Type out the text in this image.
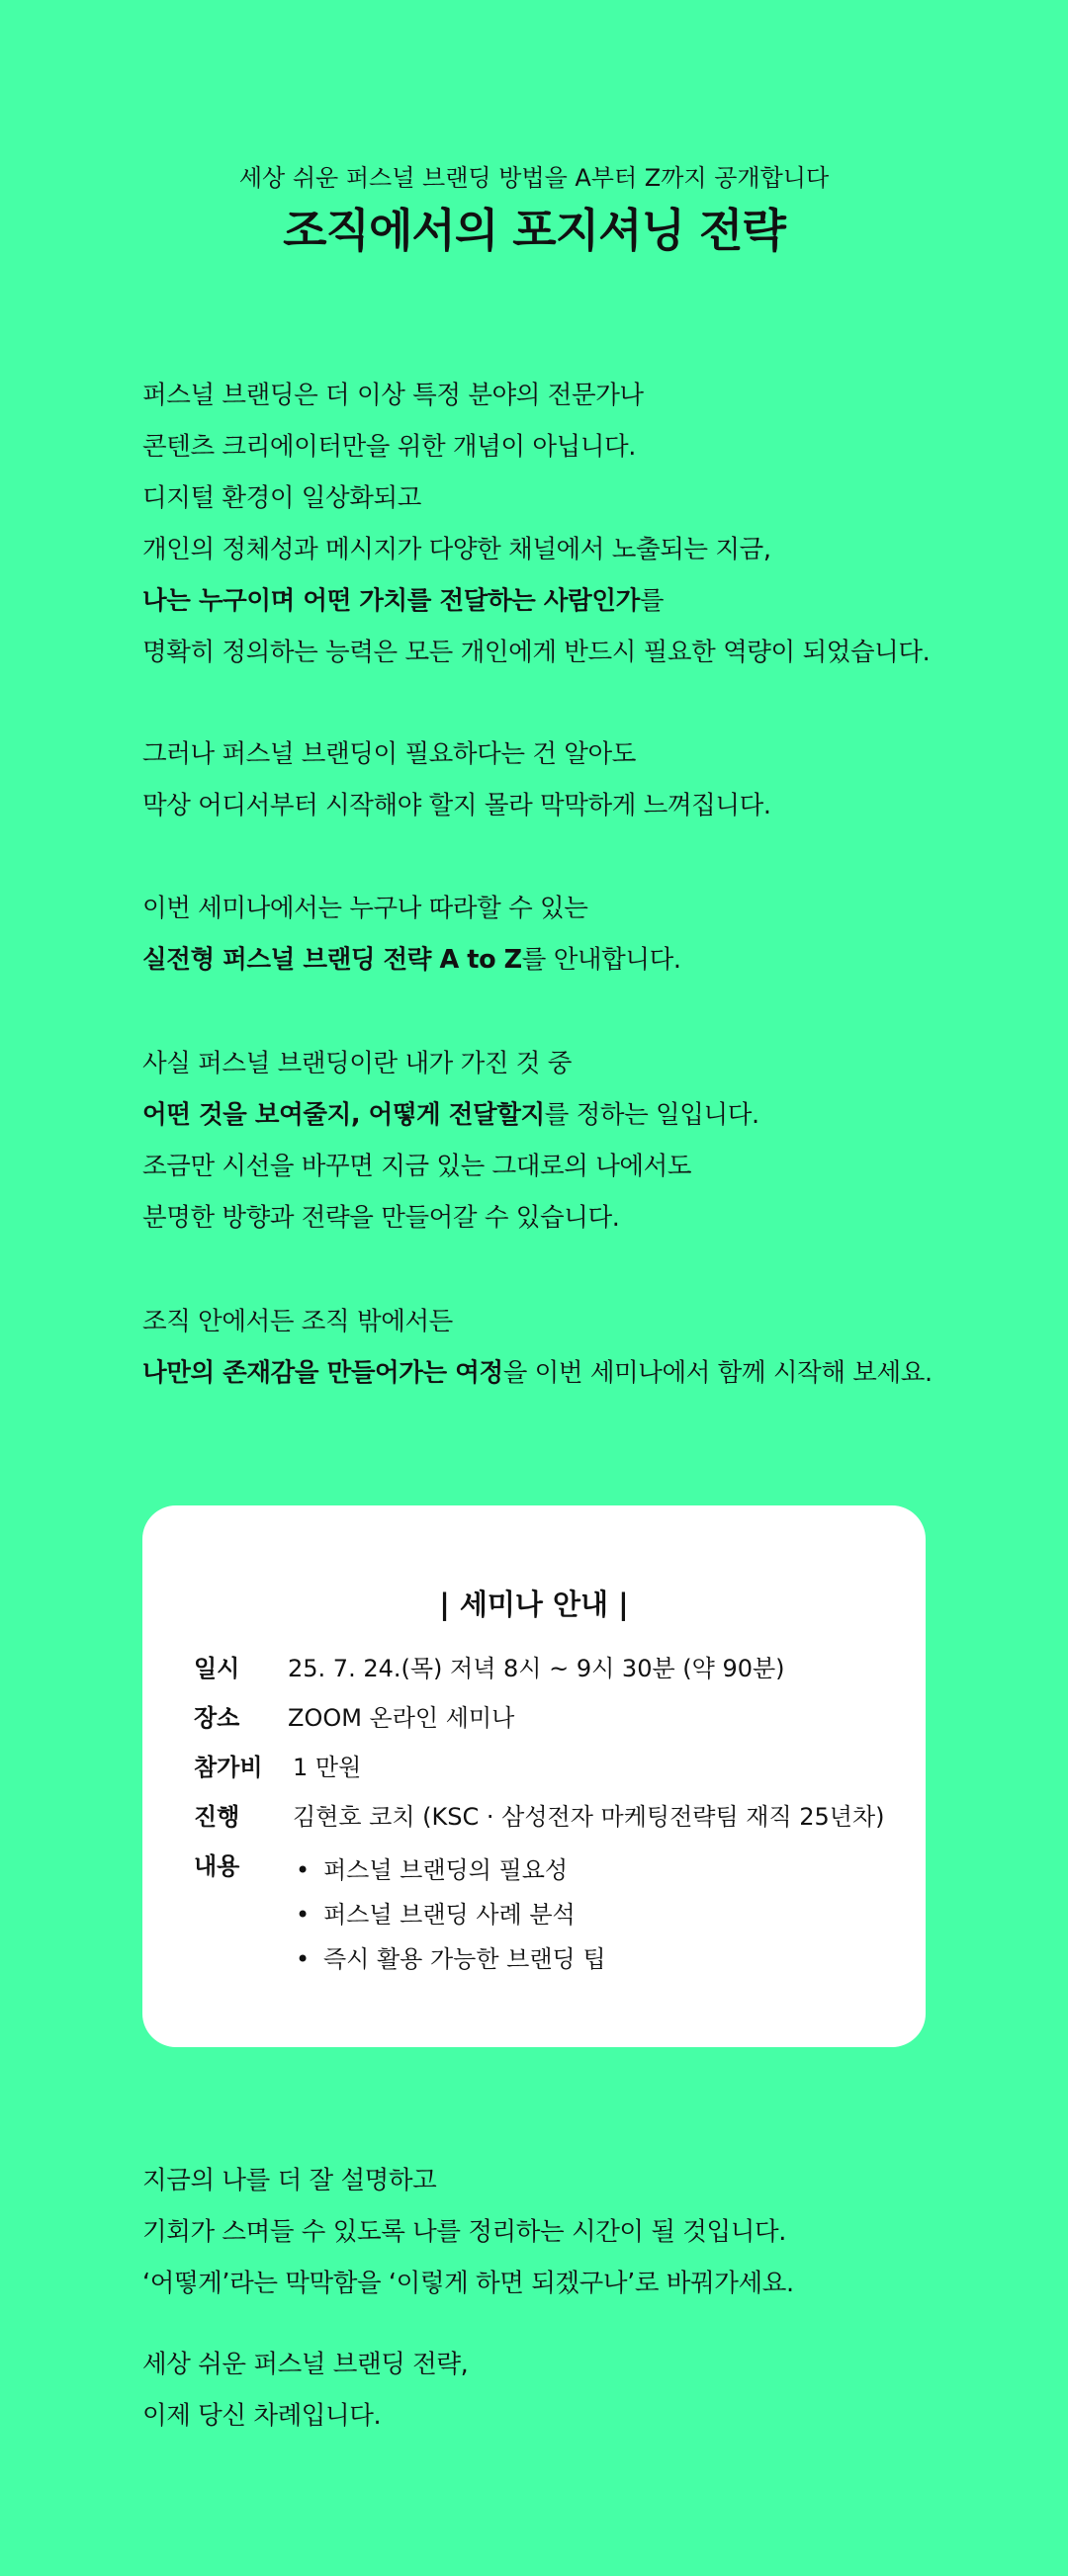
세상 쉬운 퍼스널 브랜딩 방법을 A부터 Z까지 공개합니다
조직에서의 포지셔닝 전략

퍼스널 브랜딩은 더 이상 특정 분야의 전문가나

콘텐츠 크리에이터만을 위한 개념이 아닙니다.

디지털 환경이 일상화되고

개인의 정체성과 메시지가 다양한 채널에서 노출되는 지금,

나는 누구이며 어떤 가치를 전달하는 사람인가를

명확히 정의하는 능력은 모든 개인에게 반드시 필요한 역량이 되었습니다.

그러나 퍼스널 브랜딩이 필요하다는 건 알아도

막상 어디서부터 시작해야 할지 몰라 막막하게 느껴집니다.

이번 세미나에서는 누구나 따라할 수 있는

실전형 퍼스널 브랜딩 전략 A to Z를 안내합니다.

사실 퍼스널 브랜딩이란 내가 가진 것 중

어떤 것을 보여줄지, 어떻게 전달할지를 정하는 일입니다.

조금만 시선을 바꾸면 지금 있는 그대로의 나에서도

분명한 방향과 전략을 만들어갈 수 있습니다.

조직 안에서든 조직 밖에서든

나만의 존재감을 만들어가는 여정을 이번 세미나에서 함께 시작해 보세요.

| 세미나 안내 |
일시	25. 7. 24.(목) 저녁 8시 ~ 9시 30분 (약 90분)
장소	ZOOM 온라인 세미나
참가비	1 만원
진행	김현호 코치 (KSC · 삼성전자 마케팅전략팀 재직 25년차)
내용	• 퍼스널 브랜딩의 필요성
• 퍼스널 브랜딩 사례 분석
• 즉시 활용 가능한 브랜딩 팁

지금의 나를 더 잘 설명하고

기회가 스며들 수 있도록 나를 정리하는 시간이 될 것입니다.

‘어떻게’라는 막막함을 ‘이렇게 하면 되겠구나’로 바꿔가세요.

세상 쉬운 퍼스널 브랜딩 전략,

이제 당신 차례입니다.
